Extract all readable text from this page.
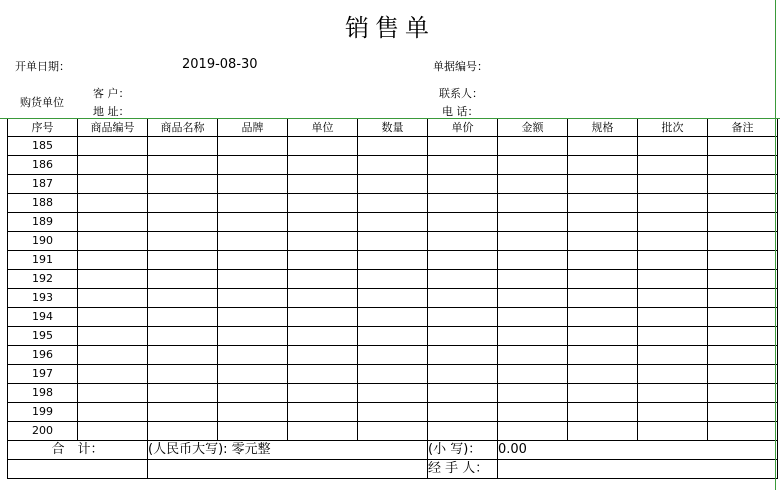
销售单
开单日期：	2019-08-30	单据编号：
购货单位
客 户：
地 址：
联系人：
电 话：
序号	商品编号	商品名称	品牌	单位	数量	单价	金额	规格	批次	备注
185										
186										
187										
188										
189										
190										
191										
192										
193										
194										
195										
196										
197										
198										
199										
200										
合　计：		(人民币大写): 零元整				(小 写)：	0.00			
						经 手 人：				
